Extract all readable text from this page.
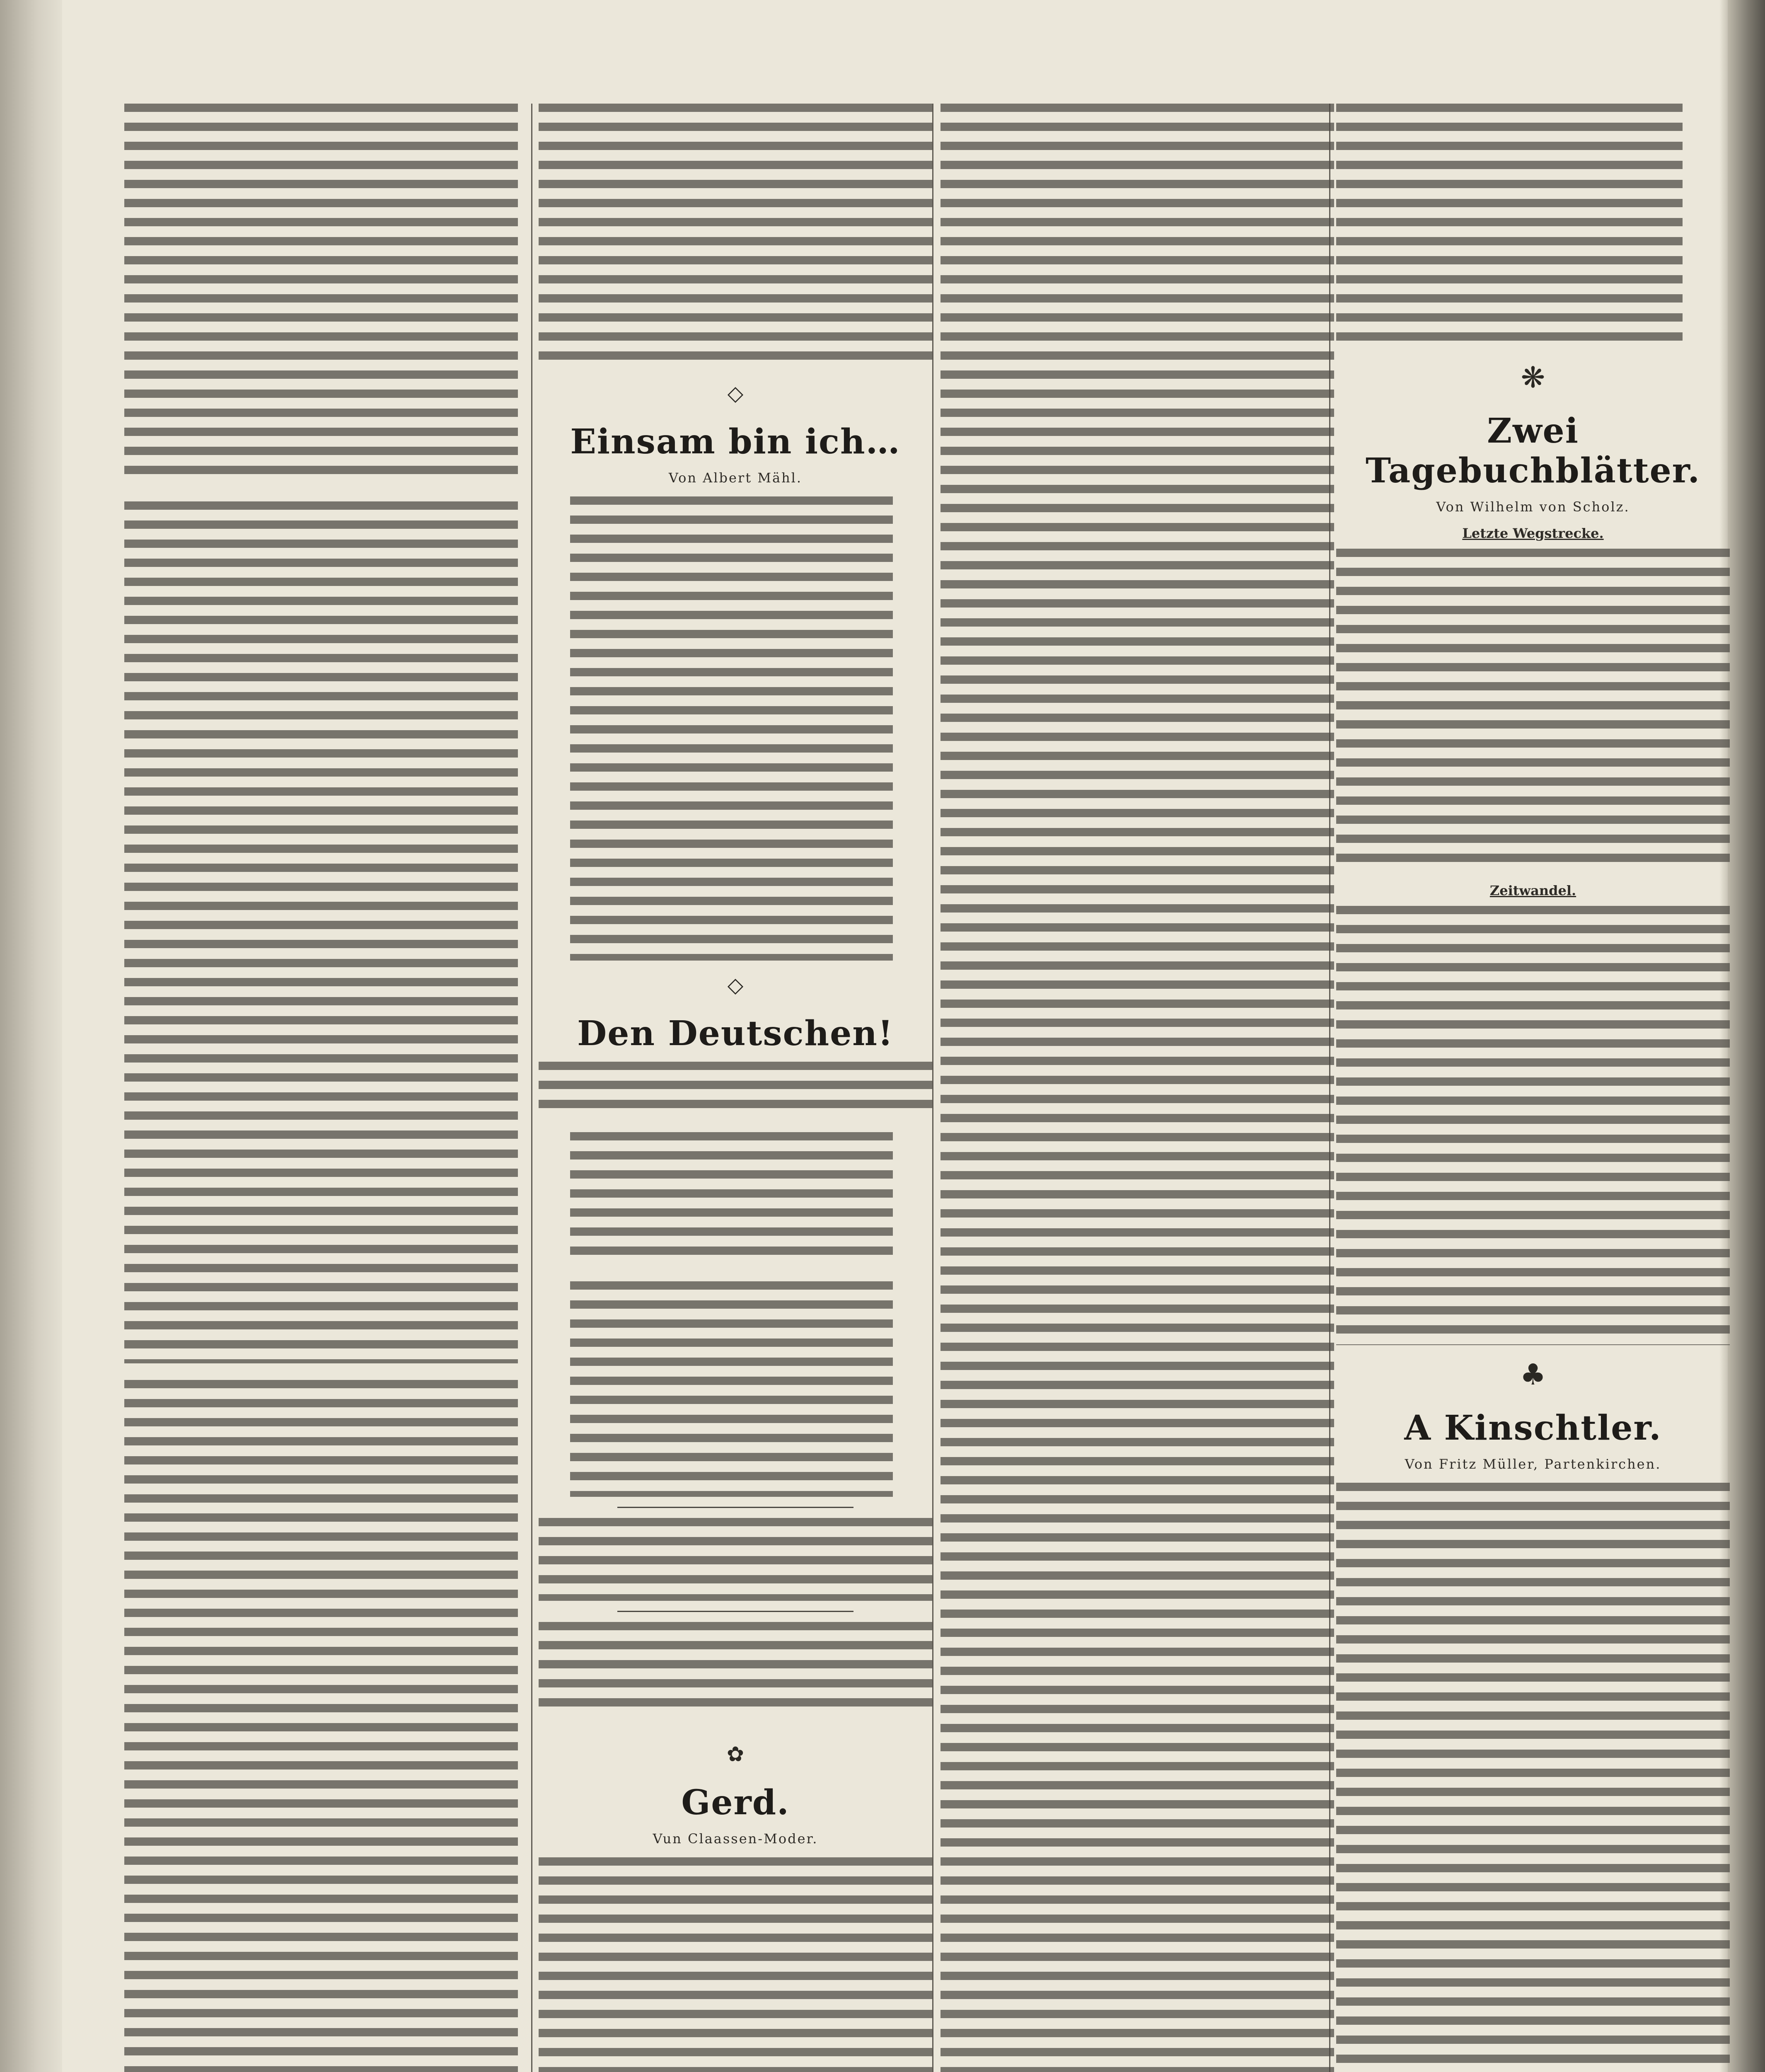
◇
Einsam bin ich…
Von Albert Mähl.
◇
Den Deutschen!
✿
Gerd.
Vun Claassen-Moder.
❋
Zwei Tagebuchblätter.
Von Wilhelm von Scholz.
Letzte Wegstrecke.
Zeitwandel.
♣
A Kinschtler.
Von Fritz Müller, Partenkirchen.
